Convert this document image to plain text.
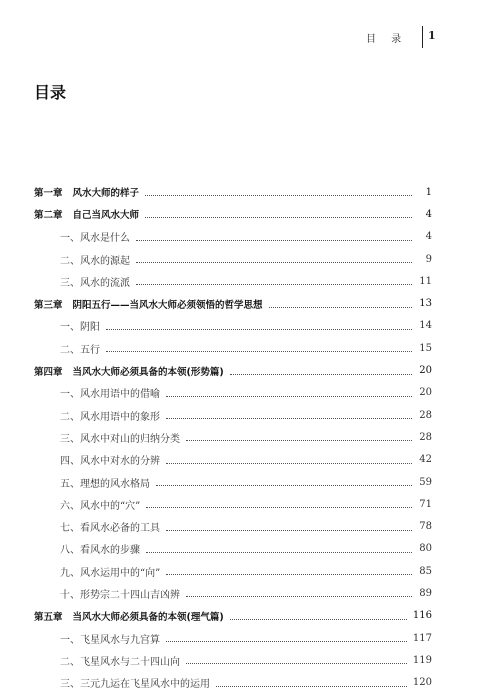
目 录 1
目录
第一章 风水大师的样子	1
第二章 自己当风水大师	4
一、风水是什么	4
二、风水的源起	9
三、风水的流派	11
第三章 阴阳五行——当风水大师必须领悟的哲学思想	13
一、阴阳	14
二、五行	15
第四章 当风水大师必须具备的本领(形势篇)	20
一、风水用语中的借喻	20
二、风水用语中的象形	28
三、风水中对山的归纳分类	28
四、风水中对水的分辨	42
五、理想的风水格局	59
六、风水中的“穴”	71
七、看风水必备的工具	78
八、看风水的步骤	80
九、风水运用中的“向”	85
十、形势宗二十四山吉凶辨	89
第五章 当风水大师必须具备的本领(理气篇)	116
一、飞星风水与九宫算	117
二、飞星风水与二十四山向	119
三、三元九运在飞星风水中的运用	120
